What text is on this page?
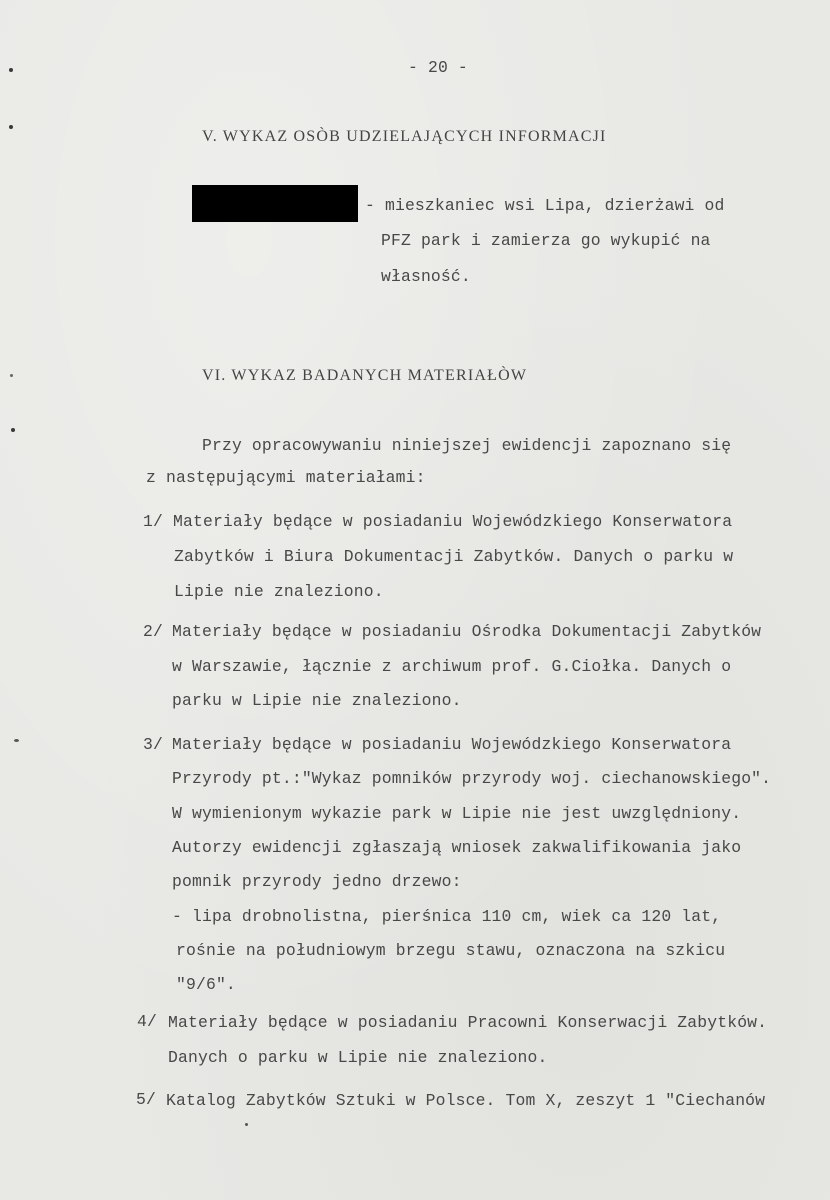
- 20 -
V. WYKAZ OSÒB UDZIELAJĄCYCH INFORMACJI
- mieszkaniec wsi Lipa, dzierżawi od
PFZ park i zamierza go wykupić na
własność.
VI. WYKAZ BADANYCH MATERIAŁÒW
Przy opracowywaniu niniejszej ewidencji zapoznano się
z następującymi materiałami:
1/ Materiały będące w posiadaniu Wojewódzkiego Konserwatora
Zabytków i Biura Dokumentacji Zabytków. Danych o parku w
Lipie nie znaleziono.
2/ Materiały będące w posiadaniu Ośrodka Dokumentacji Zabytków
w Warszawie, łącznie z archiwum prof. G.Ciołka. Danych o
parku w Lipie nie znaleziono.
3/ Materiały będące w posiadaniu Wojewódzkiego Konserwatora
Przyrody pt.:"Wykaz pomników przyrody woj. ciechanowskiego".
W wymienionym wykazie park w Lipie nie jest uwzględniony.
Autorzy ewidencji zgłaszają wniosek zakwalifikowania jako
pomnik przyrody jedno drzewo:
- lipa drobnolistna, pierśnica 110 cm, wiek ca 120 lat,
rośnie na południowym brzegu stawu, oznaczona na szkicu
"9/6".
4/ Materiały będące w posiadaniu Pracowni Konserwacji Zabytków.
Danych o parku w Lipie nie znaleziono.
5/ Katalog Zabytków Sztuki w Polsce. Tom X, zeszyt 1 "Ciechanów
